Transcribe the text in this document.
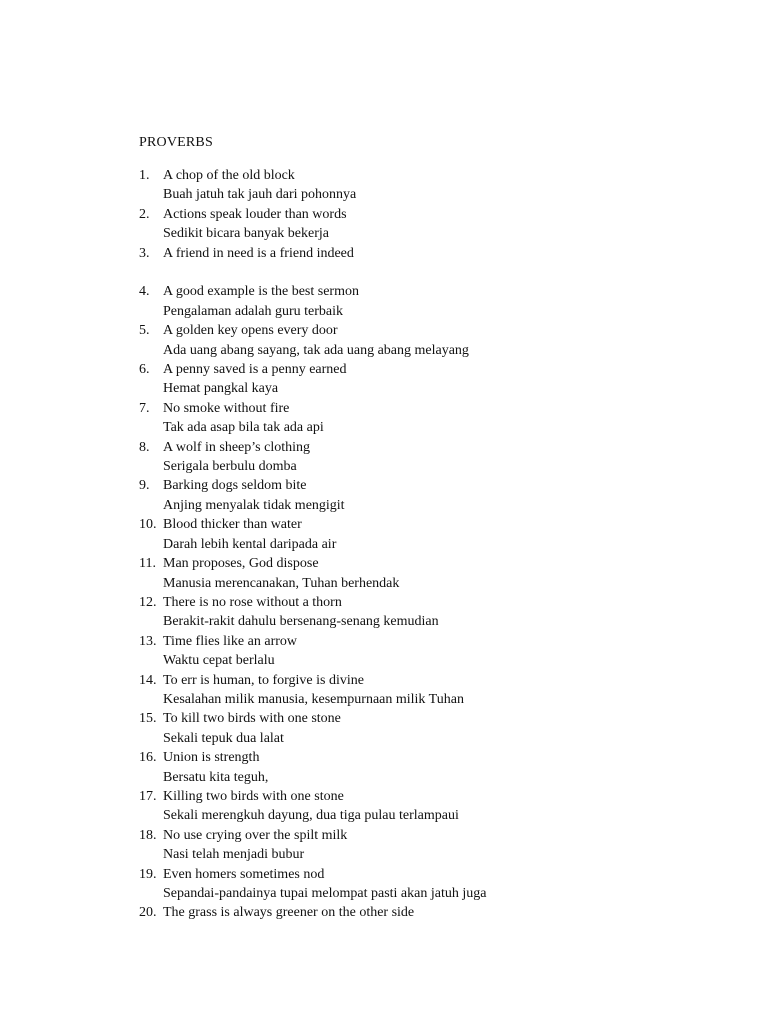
PROVERBS
1. A chop of the old block
Buah jatuh tak jauh dari pohonnya
2. Actions speak louder than words
Sedikit bicara banyak bekerja
3. A friend in need is a friend indeed
4. A good example is the best sermon
Pengalaman adalah guru terbaik
5. A golden key opens every door
Ada uang abang sayang, tak ada uang abang melayang
6. A penny saved is a penny earned
Hemat pangkal kaya
7. No smoke without fire
Tak ada asap bila tak ada api
8. A wolf in sheep’s clothing
Serigala berbulu domba
9. Barking dogs seldom bite
Anjing menyalak tidak mengigit
10. Blood thicker than water
Darah lebih kental daripada air
11. Man proposes, God dispose
Manusia merencanakan, Tuhan berhendak
12. There is no rose without a thorn
Berakit-rakit dahulu bersenang-senang kemudian
13. Time flies like an arrow
Waktu cepat berlalu
14. To err is human, to forgive is divine
Kesalahan milik manusia, kesempurnaan milik Tuhan
15. To kill two birds with one stone
Sekali tepuk dua lalat
16. Union is strength
Bersatu kita teguh,
17. Killing two birds with one stone
Sekali merengkuh dayung, dua tiga pulau terlampaui
18. No use crying over the spilt milk
Nasi telah menjadi bubur
19. Even homers sometimes nod
Sepandai-pandainya tupai melompat pasti akan jatuh juga
20. The grass is always greener on the other side
